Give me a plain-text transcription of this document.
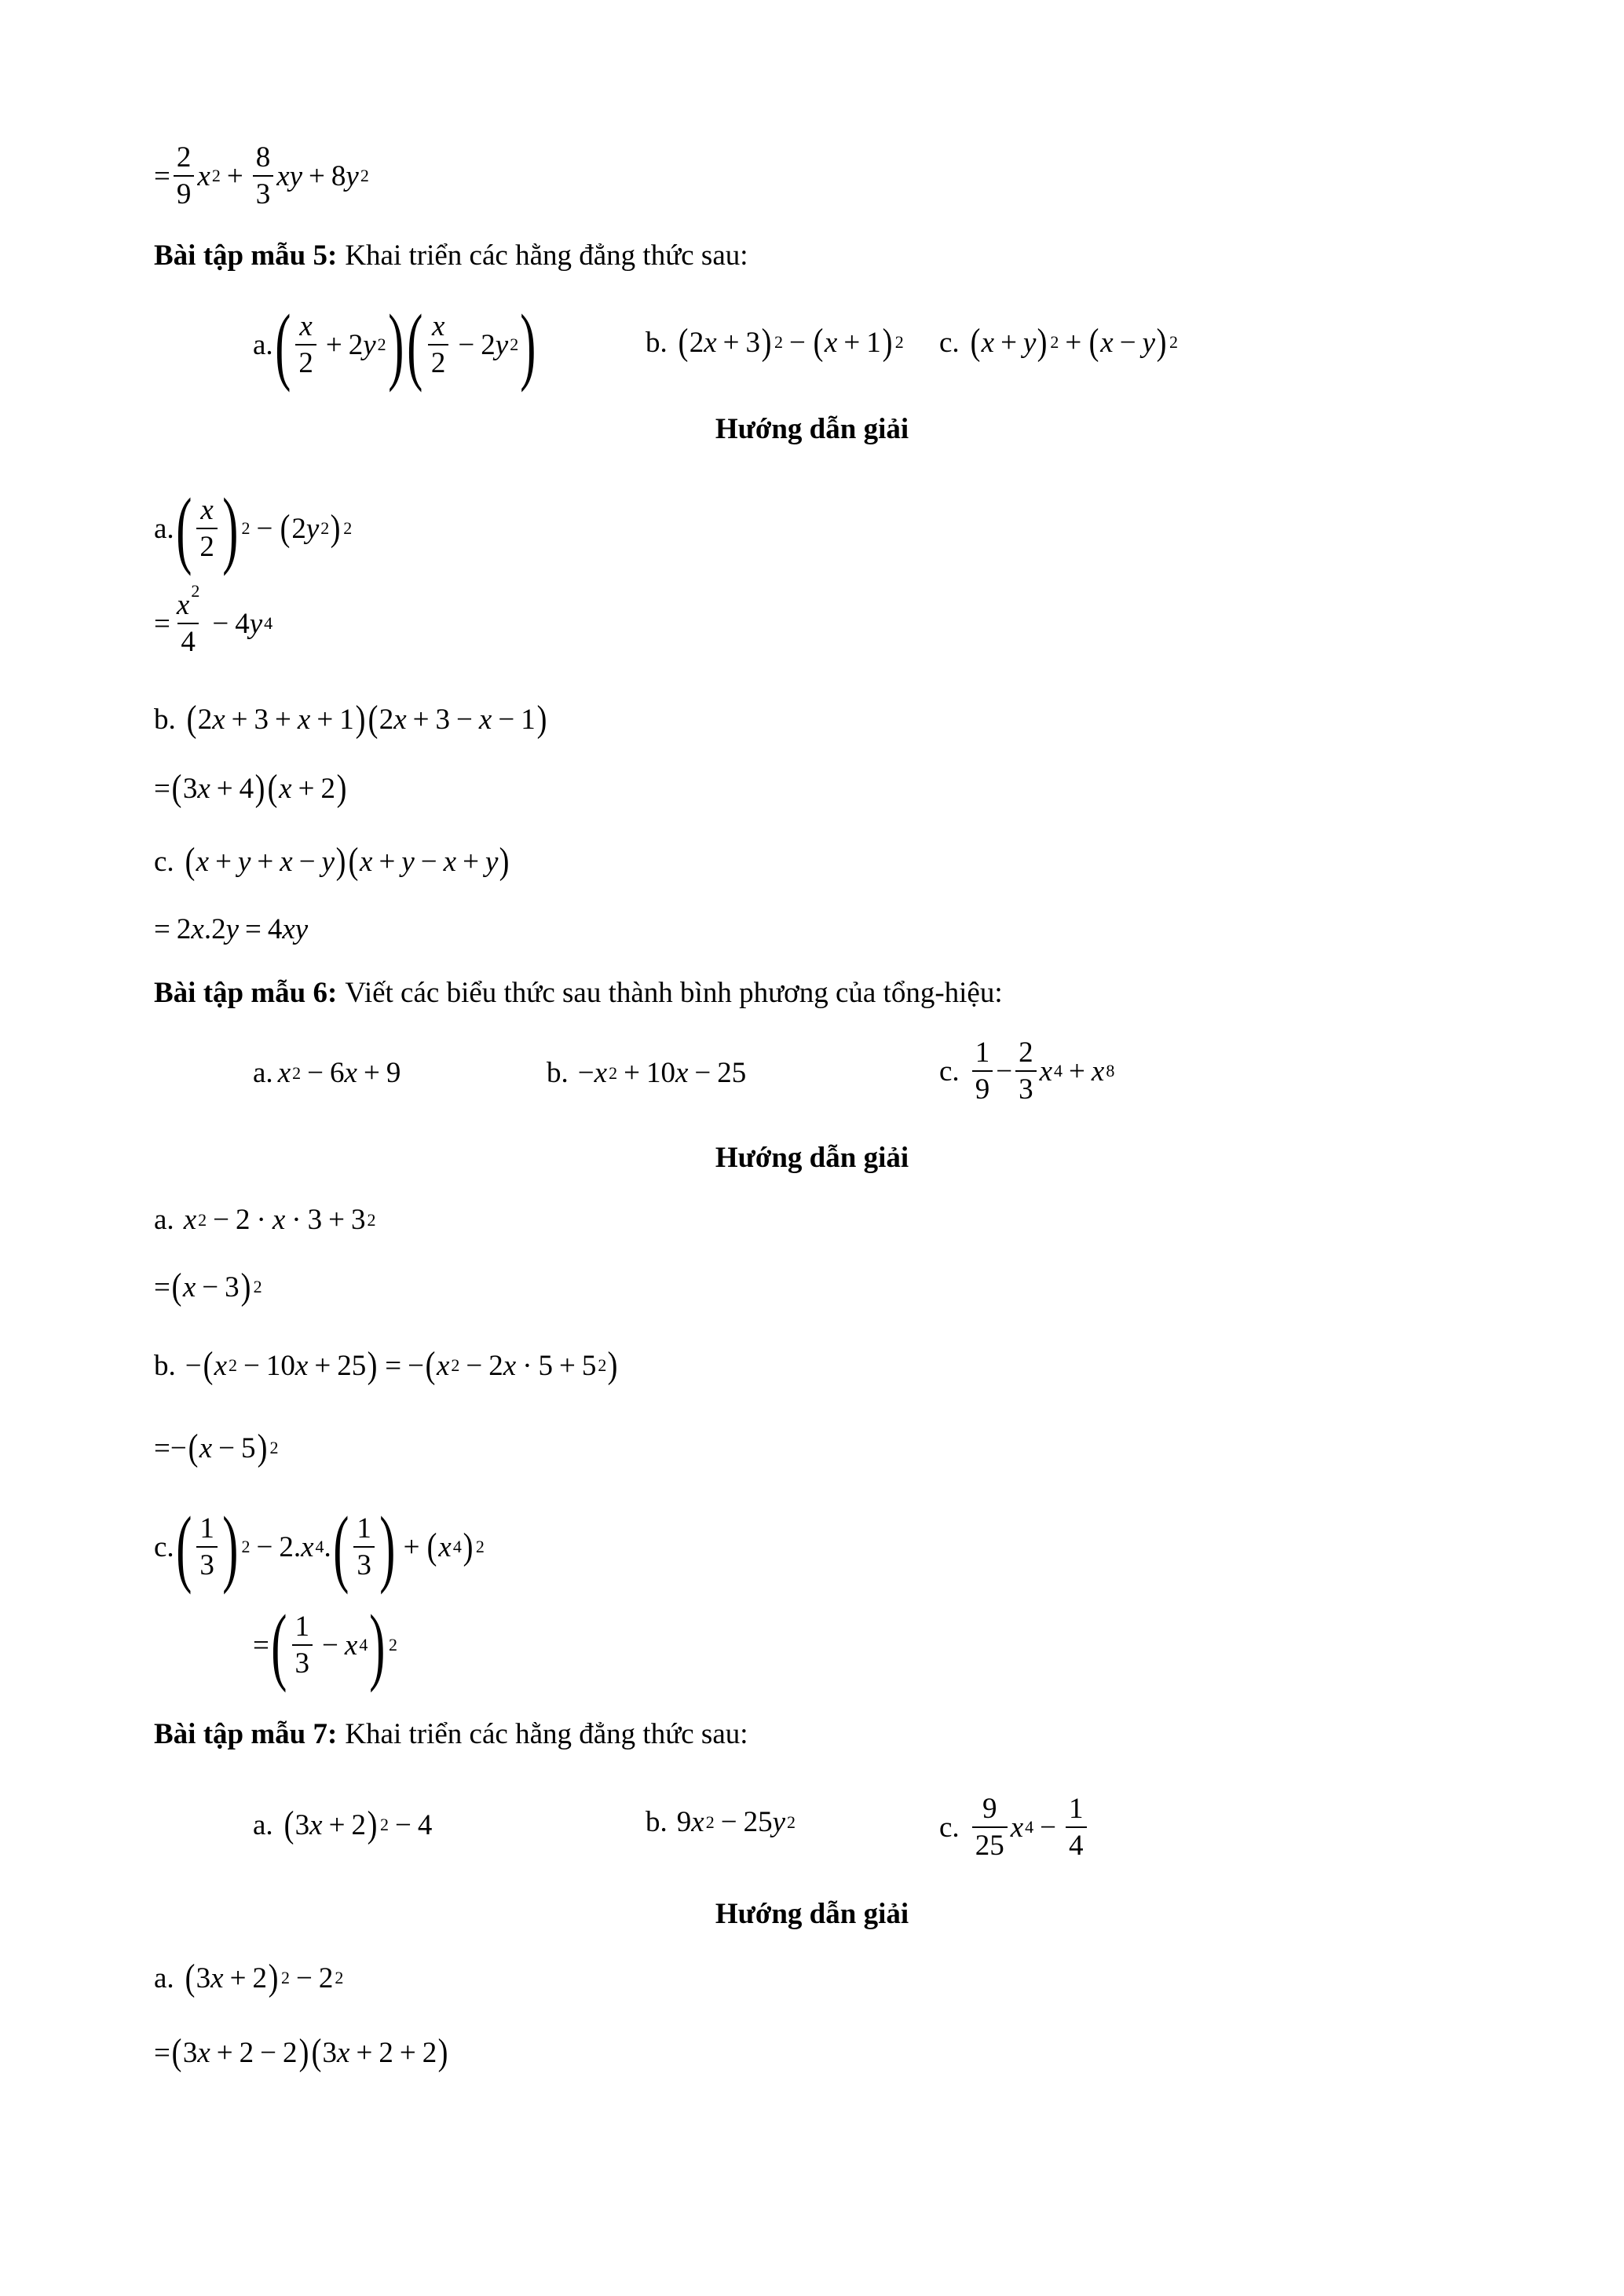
= $\frac{2}{9}$ x $2 + \frac{8}{3}$ xy + 8 y 2
Bài tập mẫu 5: Khai triển các hằng đẳng thức sau:
a. ( x
2
+ 2 y 2 ) ( x
2
− 2 y 2 )	b. ( 2 x + 3 ) 2 − ( x + 1 ) 2 c. ( x + y ) 2 + ( x − y ) 2
Hướng dẫn giải
a. ( x
2 ) 2 − ( 2 y 2 ) 2
= $\frac{x^2}{4} - 4$ y 4
b. ( 2 x + 3 + x + 1 ) ( 2 x + 3 − x − 1 )
= ( 3 x + 4 ) ( x + 2 )
c. ( x + y + x − y ) ( x + y − x + y )
= 2x.2y = 4xy
Bài tập mẫu 6: Viết các biểu thức sau thành bình phương của tổng-hiệu:
a. x 2 − 6 x + 9	b. − x 2 + 10 x − 25	c.
1
9
− $\frac{2}{3}$ x 4 + x 8
Hướng dẫn giải
a. x 2 − 2 · x · 3 + 3 2
= ( x − 3 ) 2
b. − ( x 2 − 10 x + 25 ) = − ( x 2 − 2 x · 5 + 5 2 )
= − ( x − 5 ) 2
c. ( 1
3 ) 2 − 2. x 4 . ( 1
3 ) + ( x 4 ) 2
= ( 1
3
− x 4 ) 2
Bài tập mẫu 7: Khai triển các hằng đẳng thức sau:
a. ( 3 x + 2 ) 2 − 4	b. 9 x 2 − 25 y 2	c.
9
25
x $4 - \frac{1}{4}$
Hướng dẫn giải
a. ( 3 x + 2 ) 2 − 2 2
= ( 3 x + 2 − 2 ) ( 3 x + 2 + 2 )
